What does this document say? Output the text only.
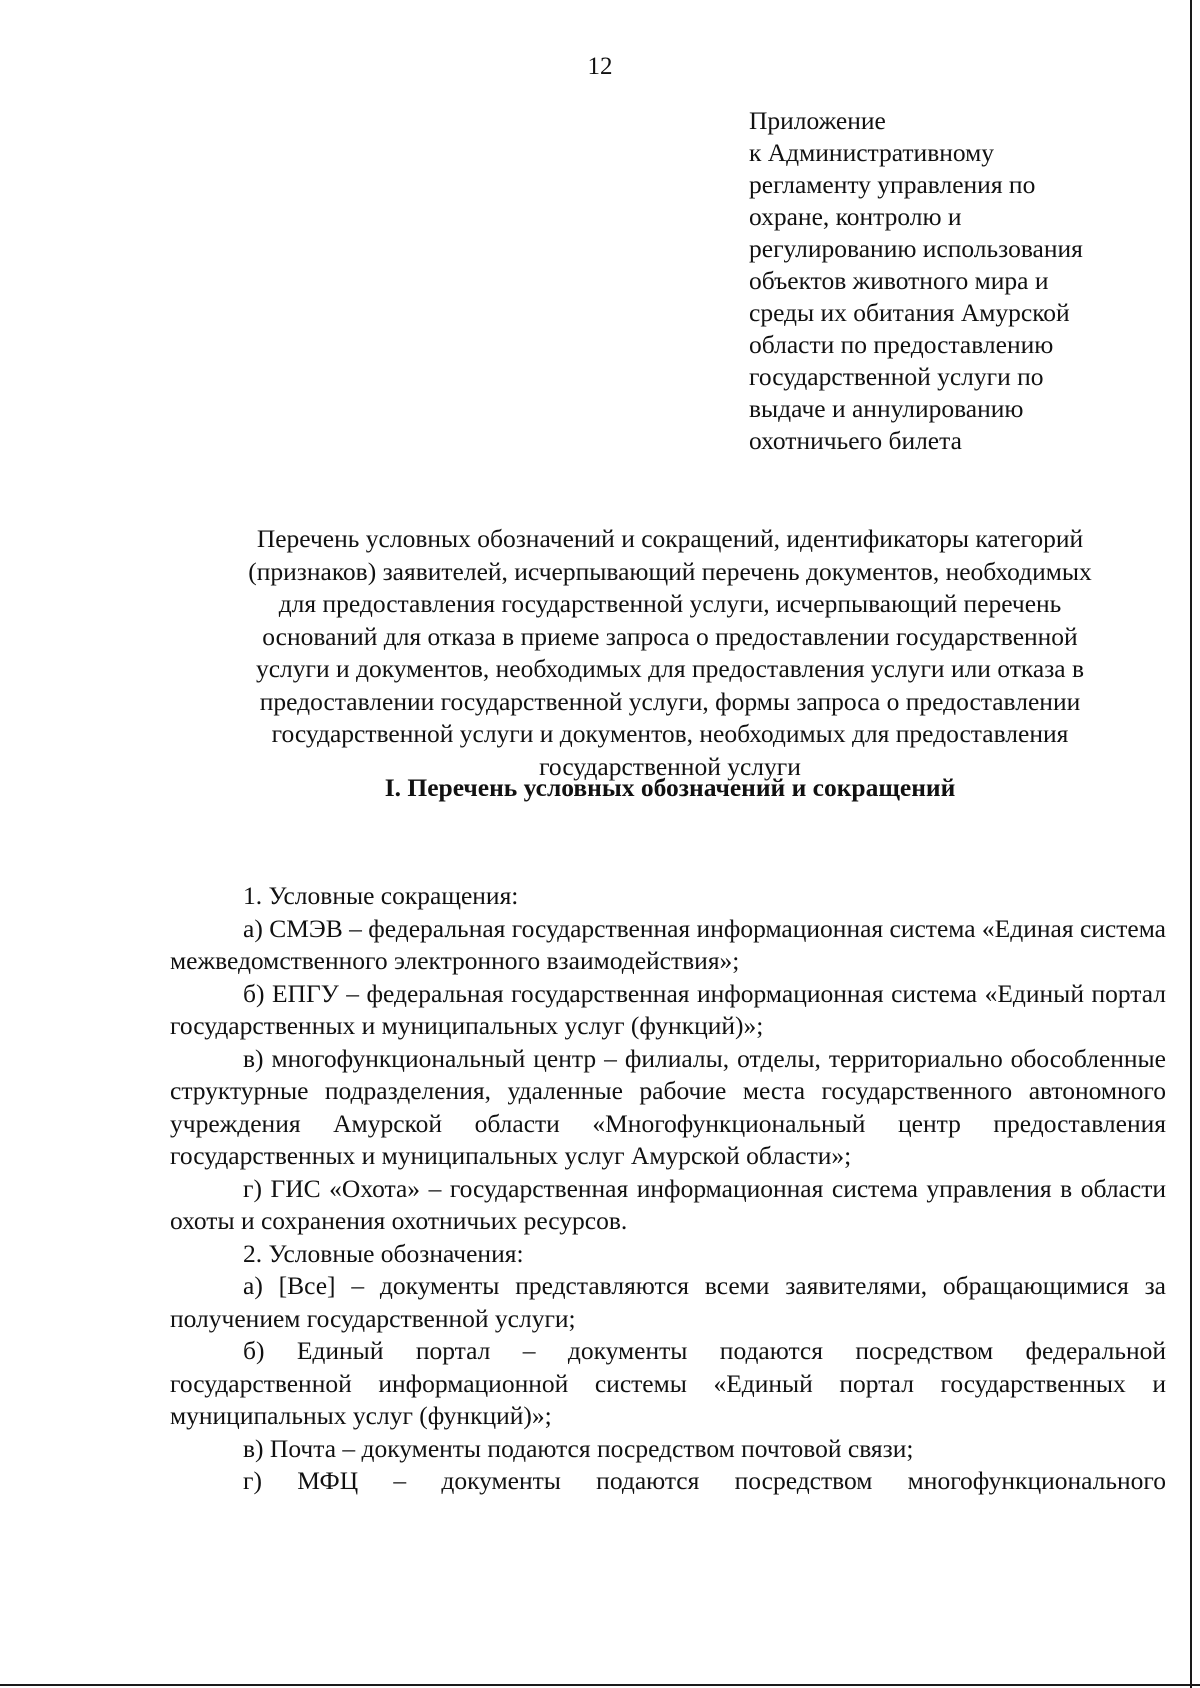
12
Приложение
к Административному
регламенту управления по
охране, контролю и
регулированию использования
объектов животного мира и
среды их обитания Амурской
области по предоставлению
государственной услуги по
выдаче и аннулированию
охотничьего билета
Перечень условных обозначений и сокращений, идентификаторы категорий
(признаков) заявителей, исчерпывающий перечень документов, необходимых
для предоставления государственной услуги, исчерпывающий перечень
оснований для отказа в приеме запроса о предоставлении государственной
услуги и документов, необходимых для предоставления услуги или отказа в
предоставлении государственной услуги, формы запроса о предоставлении
государственной услуги и документов, необходимых для предоставления
государственной услуги
I. Перечень условных обозначений и сокращений

1. Условные сокращения:

а) СМЭВ – федеральная государственная информационная система «Единая система межведомственного электронного взаимодействия»;

б) ЕПГУ – федеральная государственная информационная система «Единый портал государственных и муниципальных услуг (функций)»;

в) многофункциональный центр – филиалы, отделы, территориально обособленные структурные подразделения, удаленные рабочие места государственного автономного учреждения Амурской области «Многофункциональный центр предоставления государственных и муниципальных услуг Амурской области»;

г) ГИС «Охота» – государственная информационная система управления в области охоты и сохранения охотничьих ресурсов.

2. Условные обозначения:

а) [Все] – документы представляются всеми заявителями, обращающимися за получением государственной услуги;

б) Единый портал – документы подаются посредством федеральной государственной информационной системы «Единый портал государственных и муниципальных услуг (функций)»;

в) Почта – документы подаются посредством почтовой связи;

г) МФЦ – документы подаются посредством многофункционального
